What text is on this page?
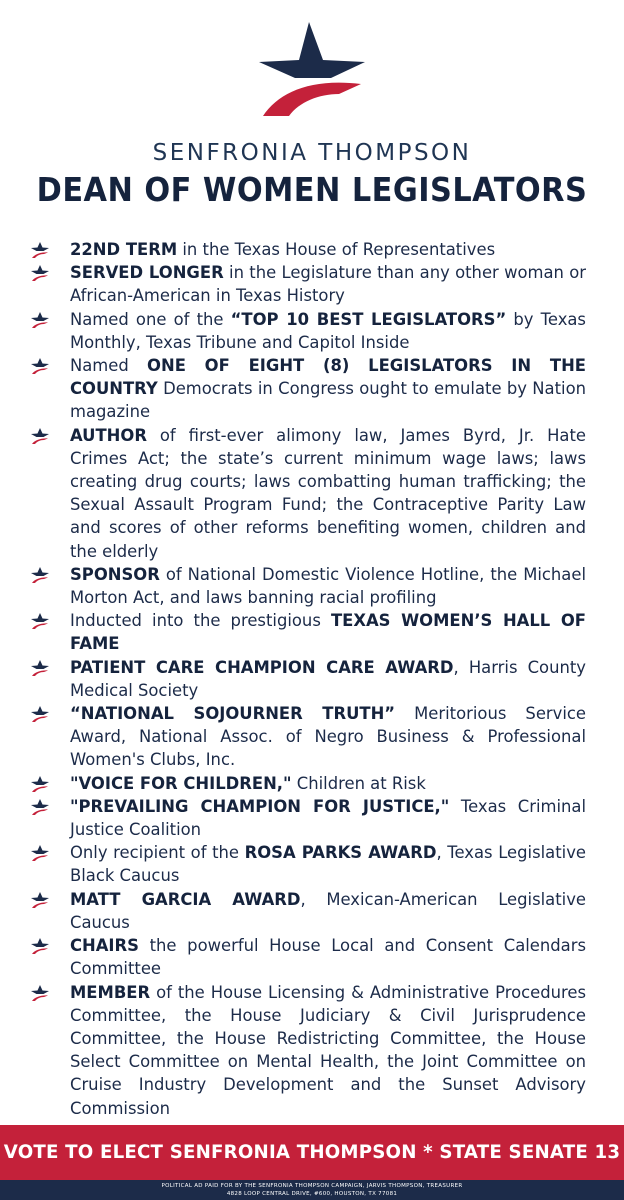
SENFRONIA THOMPSON
DEAN OF WOMEN LEGISLATORS
22ND TERM in the Texas House of Representatives
SERVED LONGER in the Legislature than any other woman or African-American in Texas History
Named one of the “TOP 10 BEST LEGISLATORS” by Texas Monthly, Texas Tribune and Capitol Inside
Named ONE OF EIGHT (8) LEGISLATORS IN THE COUNTRY Democrats in Congress ought to emulate by Nation magazine
AUTHOR of first-ever alimony law, James Byrd, Jr. Hate Crimes Act; the state’s current minimum wage laws; laws creating drug courts; laws combatting human trafficking; the Sexual Assault Program Fund; the Contraceptive Parity Law and scores of other reforms benefiting women, children and the elderly
SPONSOR of National Domestic Violence Hotline, the Michael Morton Act, and laws banning racial profiling
Inducted into the prestigious TEXAS WOMEN’S HALL OF FAME
PATIENT CARE CHAMPION CARE AWARD, Harris County Medical Society
“NATIONAL SOJOURNER TRUTH” Meritorious Service Award, National Assoc. of Negro Business & Professional Women's Clubs, Inc.
"VOICE FOR CHILDREN," Children at Risk
"PREVAILING CHAMPION FOR JUSTICE," Texas Criminal Justice Coalition
Only recipient of the ROSA PARKS AWARD, Texas Legislative Black Caucus
MATT GARCIA AWARD, Mexican-American Legislative Caucus
CHAIRS the powerful House Local and Consent Calendars Committee
MEMBER of the House Licensing & Administrative Procedures Committee, the House Judiciary & Civil Jurisprudence Committee, the House Redistricting Committee, the House Select Committee on Mental Health, the Joint Committee on Cruise Industry Development and the Sunset Advisory Commission
VOTE TO ELECT SENFRONIA THOMPSON * STATE SENATE 13
POLITICAL AD PAID FOR BY THE SENFRONIA THOMPSON CAMPAIGN, JARVIS THOMPSON, TREASURER
4828 LOOP CENTRAL DRIVE, #600, HOUSTON, TX 77081
